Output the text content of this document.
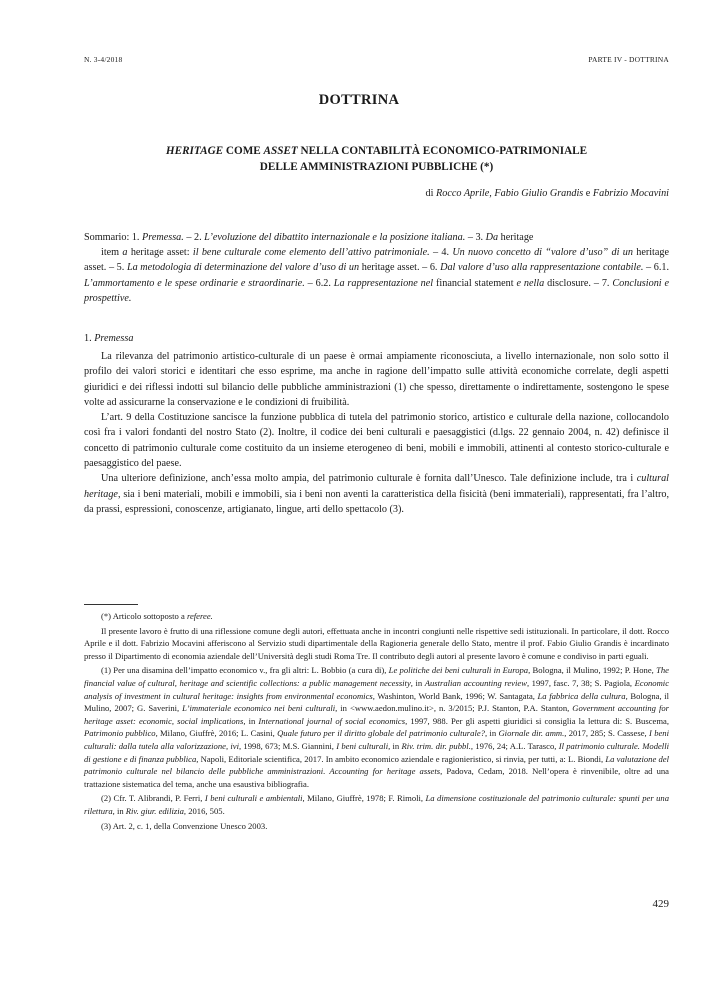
N. 3-4/2018	PARTE IV - DOTTRINA
DOTTRINA
HERITAGE COME ASSET NELLA CONTABILITÀ ECONOMICO-PATRIMONIALE
DELLE AMMINISTRAZIONI PUBBLICHE (*)
di Rocco Aprile, Fabio Giulio Grandis e Fabrizio Mocavini
Sommario: 1. Premessa. – 2. L’evoluzione del dibattito internazionale e la posizione italiana. – 3. Da heritage
item a heritage asset: il bene culturale come elemento dell’attivo patrimoniale. – 4. Un nuovo concetto di “valore d’uso” di un heritage asset. – 5. La metodologia di determinazione del valore d’uso di un heritage asset. – 6. Dal valore d’uso alla rappresentazione contabile. – 6.1. L’ammortamento e le spese ordinarie e straordinarie. – 6.2. La rappresentazione nel financial statement e nella disclosure. – 7. Conclusioni e prospettive.
1. Premessa

La rilevanza del patrimonio artistico-culturale di un paese è ormai ampiamente riconosciuta, a livello internazionale, non solo sotto il profilo dei valori storici e identitari che esso esprime, ma anche in ragione dell’impatto sulle attività economiche correlate, degli aspetti giuridici e dei riflessi indotti sul bilancio delle pubbliche amministrazioni (1) che spesso, direttamente o indirettamente, sostengono le spese volte ad assicurarne la conservazione e le condizioni di fruibilità.

L’art. 9 della Costituzione sancisce la funzione pubblica di tutela del patrimonio storico, artistico e culturale della nazione, collocandolo così fra i valori fondanti del nostro Stato (2). Inoltre, il codice dei beni culturali e paesaggistici (d.lgs. 22 gennaio 2004, n. 42) definisce il concetto di patrimonio culturale come costituito da un insieme eterogeneo di beni, mobili e immobili, attinenti al contesto storico-culturale e paesaggistico del paese.

Una ulteriore definizione, anch’essa molto ampia, del patrimonio culturale è fornita dall’Unesco. Tale definizione include, tra i cultural heritage, sia i beni materiali, mobili e immobili, sia i beni non aventi la caratteristica della fisicità (beni immateriali), rappresentati, fra l’altro, da prassi, espressioni, conoscenze, artigianato, lingue, arti dello spettacolo (3).

(*) Articolo sottoposto a referee.

Il presente lavoro è frutto di una riflessione comune degli autori, effettuata anche in incontri congiunti nelle rispettive sedi istituzionali. In particolare, il dott. Rocco Aprile e il dott. Fabrizio Mocavini afferiscono al Servizio studi dipartimentale della Ragioneria generale dello Stato, mentre il prof. Fabio Giulio Grandis è incardinato presso il Dipartimento di economia aziendale dell’Università degli studi Roma Tre. Il contributo degli autori al presente lavoro è comune e condiviso in parti eguali.

(1) Per una disamina dell’impatto economico v., fra gli altri: L. Bobbio (a cura di), Le politiche dei beni culturali in Europa, Bologna, il Mulino, 1992; P. Hone, The financial value of cultural, heritage and scientific collections: a public management necessity, in Australian accounting review, 1997, fasc. 7, 38; S. Pagiola, Economic analysis of investment in cultural heritage: insights from environmental economics, Washinton, World Bank, 1996; W. Santagata, La fabbrica della cultura, Bologna, il Mulino, 2007; G. Saverini, L’immateriale economico nei beni culturali, in <www.aedon.mulino.it>, n. 3/2015; P.J. Stanton, P.A. Stanton, Government accounting for heritage asset: economic, social implications, in International journal of social economics, 1997, 988. Per gli aspetti giuridici si consiglia la lettura di: S. Buscema, Patrimonio pubblico, Milano, Giuffrè, 2016; L. Casini, Quale futuro per il diritto globale del patrimonio culturale?, in Giornale dir. amm., 2017, 285; S. Cassese, I beni culturali: dalla tutela alla valorizzazione, ivi, 1998, 673; M.S. Giannini, I beni culturali, in Riv. trim. dir. pubbl., 1976, 24; A.L. Tarasco, Il patrimonio culturale. Modelli di gestione e di finanza pubblica, Napoli, Editoriale scientifica, 2017. In ambito economico aziendale e ragionieristico, si rinvia, per tutti, a: L. Biondi, La valutazione del patrimonio culturale nel bilancio delle pubbliche amministrazioni. Accounting for heritage assets, Padova, Cedam, 2018. Nell’opera è rinvenibile, oltre ad una trattazione sistematica del tema, anche una esaustiva bibliografia.

(2) Cfr. T. Alibrandi, P. Ferri, I beni culturali e ambientali, Milano, Giuffrè, 1978; F. Rimoli, La dimensione costituzionale del patrimonio culturale: spunti per una rilettura, in Riv. giur. edilizia, 2016, 505.

(3) Art. 2, c. 1, della Convenzione Unesco 2003.

429
